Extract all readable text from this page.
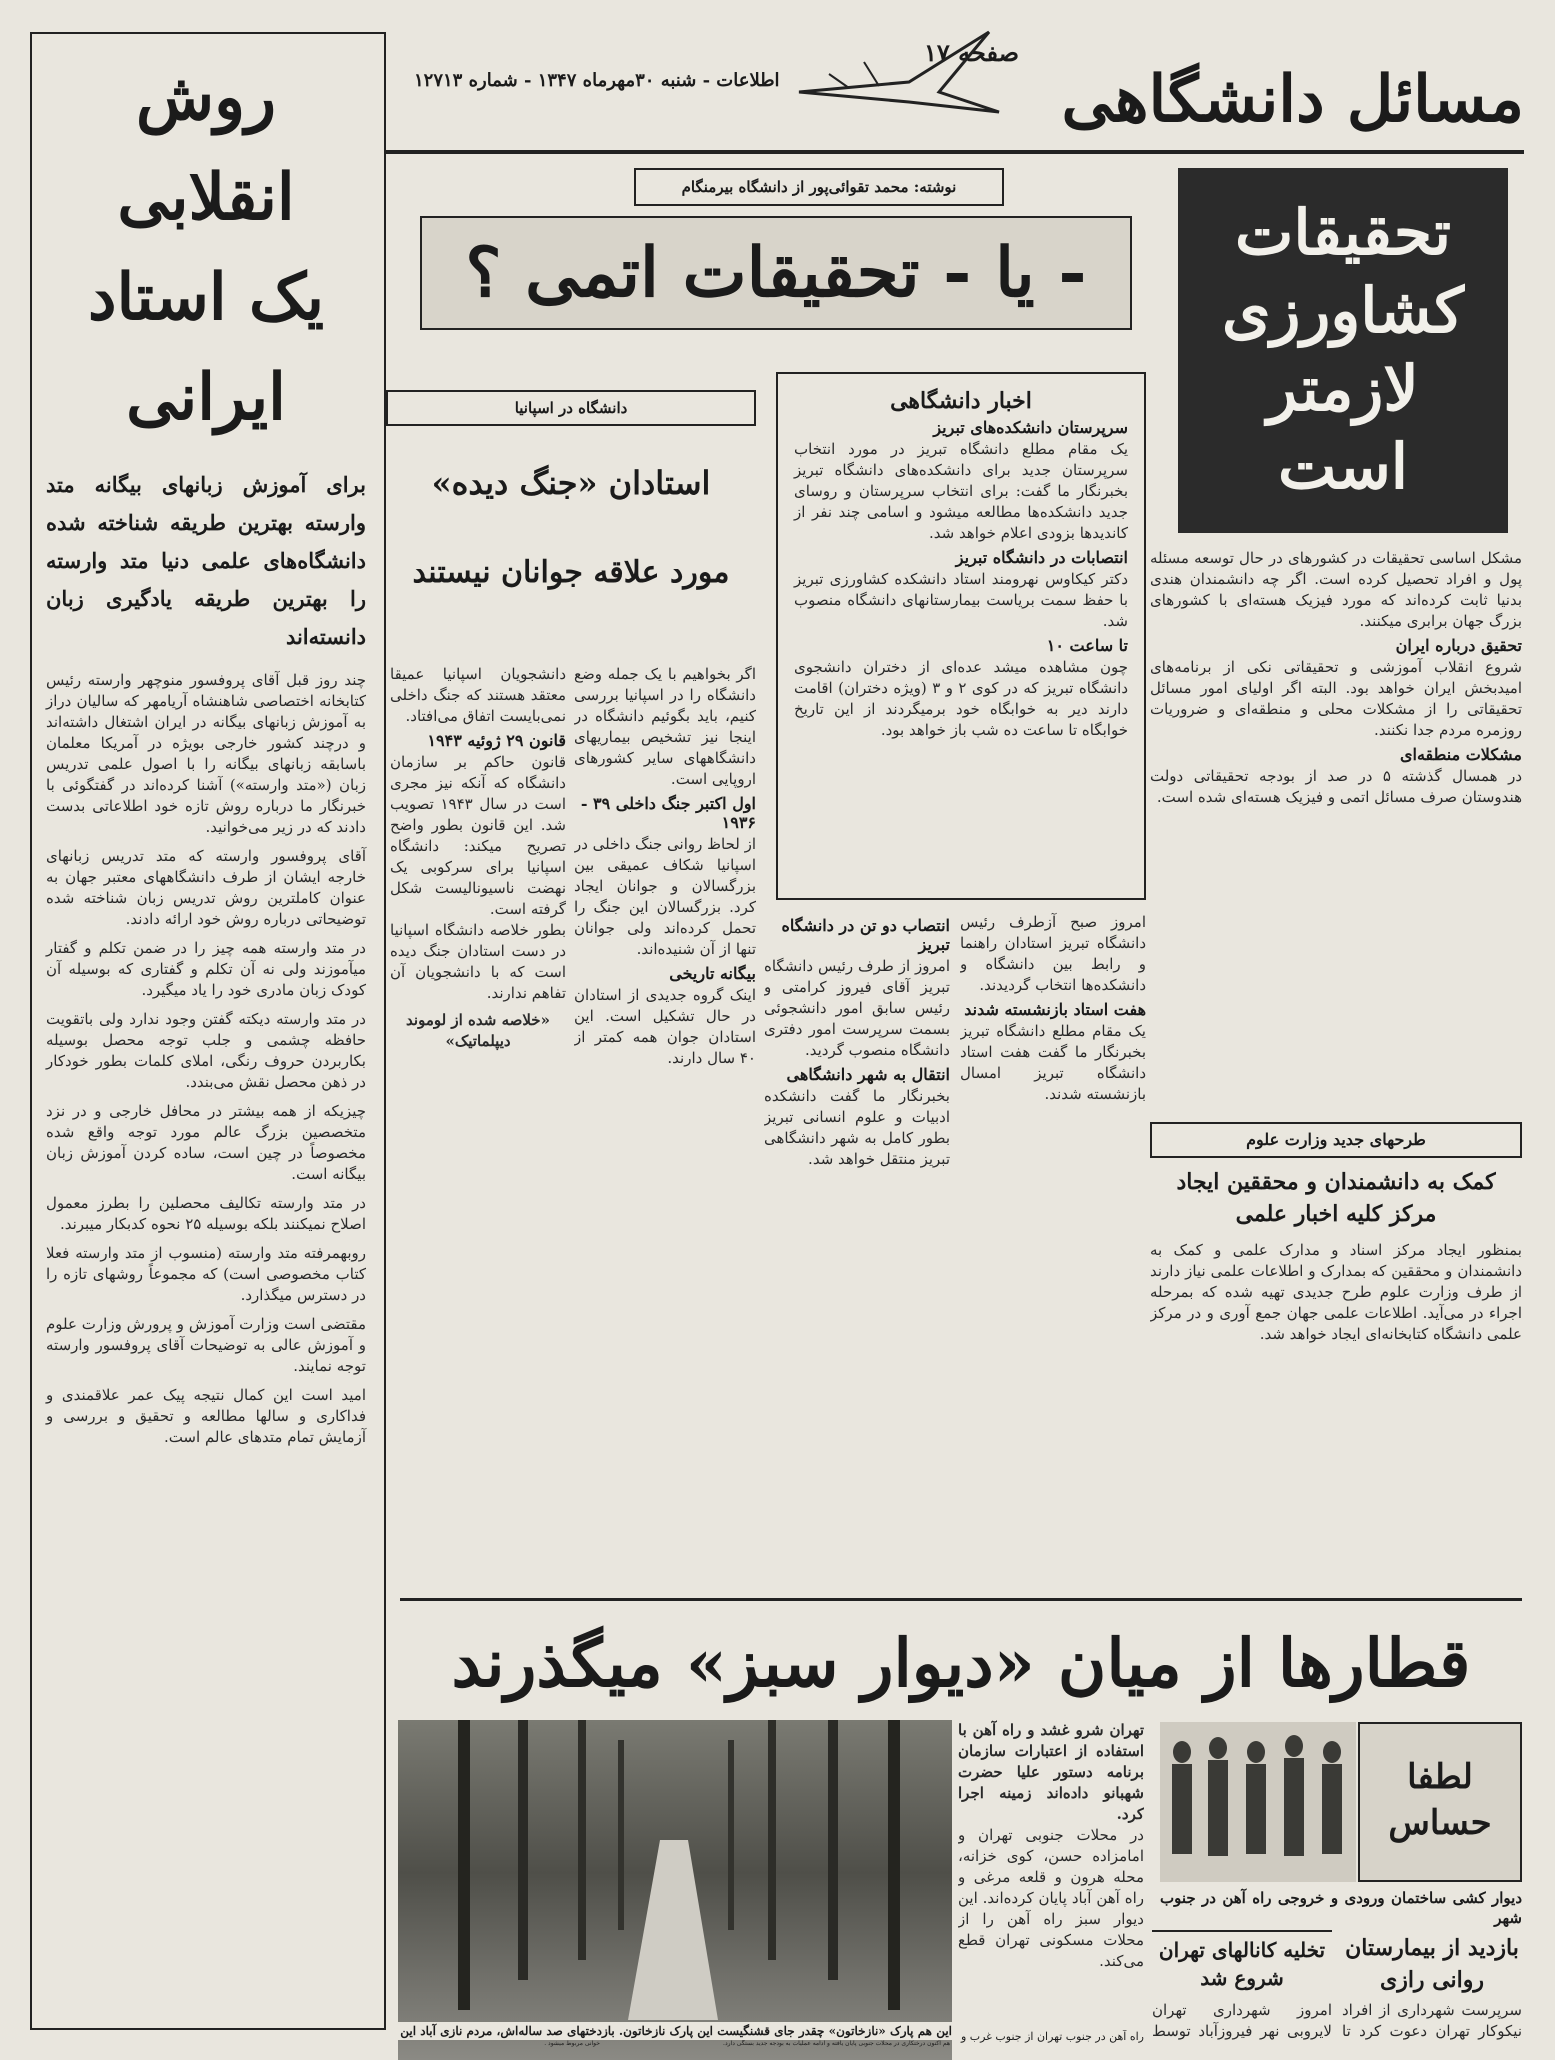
صفحه ۱۷
اطلاعات - شنبه ۳۰مهرماه ۱۳۴۷ - شماره ۱۲۷۱۳	مسائل دانشگاهی
روش
انقلابی
یک استاد
ایرانی
برای آموزش زبانهای بیگانه متد وارسته بهترین طریقه شناخته شده دانشگاه‌های علمی دنیا متد وارسته را بهترین طریقه یادگیری زبان دانسته‌اند

چند روز قبل آقای پروفسور منوچهر وارسته رئیس کتابخانه اختصاصی شاهنشاه آریامهر که سالیان دراز به آموزش زبانهای بیگانه در ایران اشتغال داشته‌اند و درچند کشور خارجی بویژه در آمریکا معلمان باسابقه زبانهای بیگانه را با اصول علمی تدریس زبان («متد وارسته») آشنا کرده‌اند در گفتگوئی با خبرنگار ما درباره روش تازه خود اطلاعاتی بدست دادند که در زیر می‌خوانید.

آقای پروفسور وارسته که متد تدریس زبانهای خارجه ایشان از طرف دانشگاههای معتبر جهان به عنوان کاملترین روش تدریس زبان شناخته شده توضیحاتی درباره روش خود ارائه دادند.

در متد وارسته همه چیز را در ضمن تکلم و گفتار میآموزند ولی نه آن تکلم و گفتاری که بوسیله آن کودک زبان مادری خود را یاد میگیرد.

در متد وارسته دیکته گفتن وجود ندارد ولی باتقویت حافظه چشمی و جلب توجه محصل بوسیله بکاربردن حروف رنگی، املای کلمات بطور خودکار در ذهن محصل نقش می‌بندد.

چیزیکه از همه بیشتر در محافل خارجی و در نزد متخصصین بزرگ عالم مورد توجه واقع شده مخصوصاً در چین است، ساده کردن آموزش زبان بیگانه است.

در متد وارسته تکالیف محصلین را بطرز معمول اصلاح نمیکنند بلکه بوسیله ۲۵ نحوه کدبکار میبرند.

روبهمرفته متد وارسته (منسوب از متد وارسته فعلا کتاب مخصوصی است) که مجموعاً روشهای تازه را در دسترس میگذارد.

مقتضی است وزارت آموزش و پرورش وزارت علوم و آموزش عالی به توضیحات آقای پروفسور وارسته توجه نمایند.

امید است این کمال نتیجه پیک عمر علاقمندی و فداکاری و سالها مطالعه و تحقیق و بررسی و آزمایش تمام متدهای عالم است.

نوشته: محمد تقوائی‌پور از دانشگاه بیرمنگام
- یا - تحقیقات اتمی ؟
تحقیقات کشاورزی لازمتر است

مشکل اساسی تحقیقات در کشورهای در حال توسعه مسئله پول و افراد تحصیل کرده است. اگر چه دانشمندان هندی بدنیا ثابت کرده‌اند که مورد فیزیک هسته‌ای با کشورهای بزرگ جهان برابری میکنند.

تحقیق درباره ایران

شروع انقلاب آموزشی و تحقیقاتی نکی از برنامه‌های امیدبخش ایران خواهد بود. البته اگر اولیای امور مسائل تحقیقاتی را از مشکلات محلی و منطقه‌ای و ضروریات روزمره مردم جدا نکنند.

مشکلات منطقه‌ای

در همسال گذشته ۵ در صد از بودجه تحقیقاتی دولت هندوستان صرف مسائل اتمی و فیزیک هسته‌ای شده است.

اخبار دانشگاهی

سرپرستان دانشکده‌های تبریز

یک مقام مطلع دانشگاه تبریز در مورد انتخاب سرپرستان جدید برای دانشکده‌های دانشگاه تبریز بخبرنگار ما گفت: برای انتخاب سرپرستان و روسای جدید دانشکده‌ها مطالعه میشود و اسامی چند نفر از کاندیدها بزودی اعلام خواهد شد.

انتصابات در دانشگاه تبریز

دکتر کیکاوس نهرومند استاد دانشکده کشاورزی تبریز با حفظ سمت بریاست بیمارستانهای دانشگاه منصوب شد.

تا ساعت ۱۰

چون مشاهده میشد عده‌ای از دختران دانشجوی دانشگاه تبریز که در کوی ۲ و ۳ (ویژه دختران) اقامت دارند دیر به خوابگاه خود برمیگردند از این تاریخ خوابگاه تا ساعت ده شب باز خواهد بود.

امروز صبح آزطرف رئیس دانشگاه تبریز استادان راهنما و رابط بین دانشگاه و دانشکده‌ها انتخاب گردیدند.

هفت استاد بازنشسته شدند

یک مقام مطلع دانشگاه تبریز بخبرنگار ما گفت هفت استاد دانشگاه تبریز امسال بازنشسته شدند.

انتصاب دو تن در دانشگاه تبریز

امروز از طرف رئیس دانشگاه تبریز آقای فیروز کرامتی و رئیس سابق امور دانشجوئی بسمت سرپرست امور دفتری دانشگاه منصوب گردید.

انتقال به شهر دانشگاهی

بخبرنگار ما گفت دانشکده ادبیات و علوم انسانی تبریز بطور کامل به شهر دانشگاهی تبریز منتقل خواهد شد.

دانشگاه در اسپانیا
استادان «جنگ دیده»
مورد علاقه جوانان نیستند

اگر بخواهیم با یک جمله وضع دانشگاه را در اسپانیا بررسی کنیم، باید بگوئیم دانشگاه در اینجا نیز تشخیص بیماریهای دانشگاههای سایر کشورهای اروپایی است.

اول اکتبر جنگ داخلی ۳۹ - ۱۹۳۶

از لحاظ روانی جنگ داخلی در اسپانیا شکاف عمیقی بین بزرگسالان و جوانان ایجاد کرد. بزرگسالان این جنگ را تحمل کرده‌اند ولی جوانان تنها از آن شنیده‌اند.

بیگانه تاریخی

اینک گروه جدیدی از استادان در حال تشکیل است. این استادان جوان همه کمتر از ۴۰ سال دارند.

دانشجویان اسپانیا عمیقا معتقد هستند که جنگ داخلی نمی‌بایست اتفاق می‌افتاد.

قانون ۲۹ ژوئیه ۱۹۴۳

قانون حاکم بر سازمان دانشگاه که آنکه نیز مجری است در سال ۱۹۴۳ تصویب شد. این قانون بطور واضح تصریح میکند: دانشگاه اسپانیا برای سرکوبی یک نهضت ناسیونالیست شکل گرفته است.

بطور خلاصه دانشگاه اسپانیا در دست استادان جنگ دیده است که با دانشجویان آن تفاهم ندارند.

«خلاصه شده از لوموند دیپلماتیک»

طرحهای جدید وزارت علوم
کمک به دانشمندان و محققین ایجاد مرکز کلیه اخبار علمی

بمنظور ایجاد مرکز اسناد و مدارک علمی و کمک به دانشمندان و محققین که بمدارک و اطلاعات علمی نیاز دارند از طرف وزارت علوم طرح جدیدی تهیه شده که بمرحله اجراء در می‌آید. اطلاعات علمی جهان جمع آوری و در مرکز علمی دانشگاه کتابخانه‌ای ایجاد خواهد شد.

قطارها از میان «دیوار سبز» میگذرند

تهران شرو غشد و راه آهن با استفاده از اعتبارات سازمان برنامه دستور علیا حضرت شهبانو داده‌اند زمینه اجرا کرد.

در محلات جنوبی تهران و امامزاده حسن، کوی خزانه، محله هرون و قلعه مرغی و راه آهن آباد پایان کرده‌اند. این دیوار سبز راه آهن را از محلات مسکونی تهران قطع می‌کند.

لطفا حساس
دیوار کشی ساختمان ورودی و خروجی راه آهن در جنوب شهر
بازدید از بیمارستان روانی رازی

سرپرست شهرداری از افراد نیکوکار تهران دعوت کرد تا

تخلیه کانالهای تهران شروع شد

امروز شهرداری تهران لایروبی نهر فیروزآباد توسط

راه آهن در جنوب تهران از جنوب غرب و
خوانی مربوط میشود .	هم اکنون درختکاری در محلات جنوبی پایان یافته و ادامه عملیات به بودجه جدید بستگی دارد.
این هم پارک «نازخاتون» چقدر جای قشنگیست این پارک نازخاتون. بازدختهای صد ساله‌اش، مردم نازی آباد این
